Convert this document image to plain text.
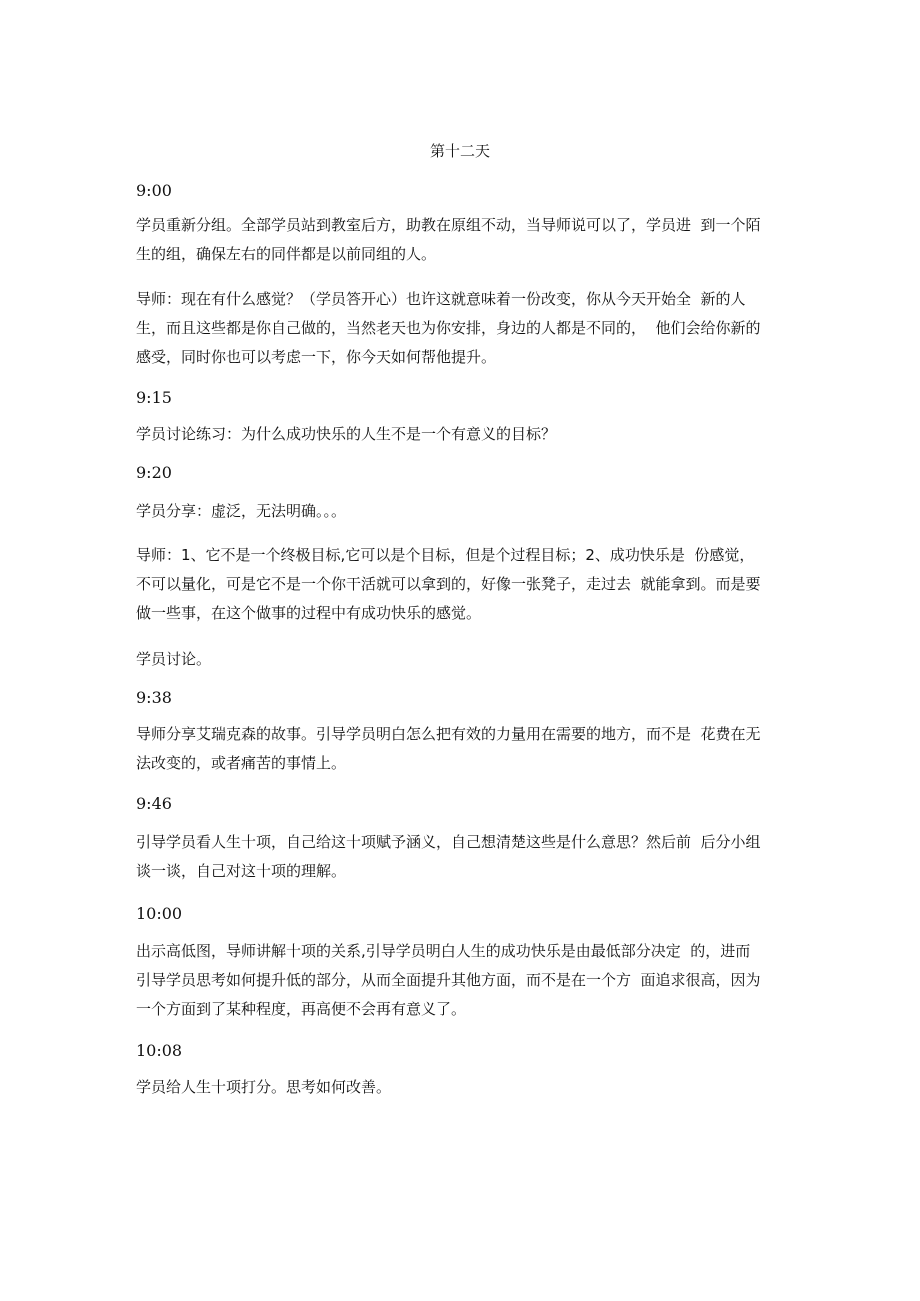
第十二天
9:00
学员重新分组。全部学员站到教室后方，助教在原组不动，当导师说可以了，学员进  到一个陌
生的组，确保左右的同伴都是以前同组的人。
导师：现在有什么感觉？（学员答开心）也许这就意味着一份改变，你从今天开始全  新的人
生，而且这些都是你自己做的，当然老天也为你安排，身边的人都是不同的，  他们会给你新的
感受，同时你也可以考虑一下，你今天如何帮他提升。
9:15
学员讨论练习：为什么成功快乐的人生不是一个有意义的目标？
9:20
学员分享：虚泛，无法明确。。。
导师：1、它不是一个终极目标,它可以是个目标，但是个过程目标；2、成功快乐是  份感觉，
不可以量化，可是它不是一个你干活就可以拿到的，好像一张凳子，走过去  就能拿到。而是要
做一些事，在这个做事的过程中有成功快乐的感觉。
学员讨论。
9:38
导师分享艾瑞克森的故事。引导学员明白怎么把有效的力量用在需要的地方，而不是  花费在无
法改变的，或者痛苦的事情上。
9:46
引导学员看人生十项，自己给这十项赋予涵义，自己想清楚这些是什么意思？然后前  后分小组
谈一谈，自己对这十项的理解。
10:00
出示高低图，导师讲解十项的关系,引导学员明白人生的成功快乐是由最低部分决定  的，进而
引导学员思考如何提升低的部分，从而全面提升其他方面，而不是在一个方  面追求很高，因为
一个方面到了某种程度，再高便不会再有意义了。
10:08
学员给人生十项打分。思考如何改善。
